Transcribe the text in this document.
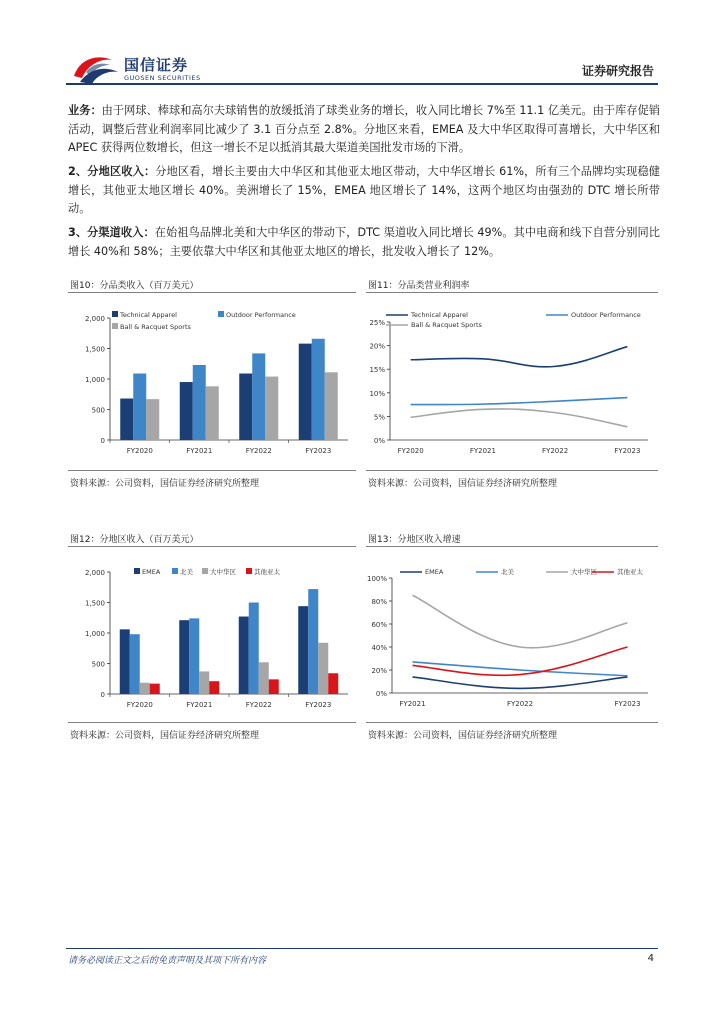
国信证券
GUOSEN SECURITIES	证券研究报告
业务：由于网球、棒球和高尔夫球销售的放缓抵消了球类业务的增长，收入同比增长 7%至 11.1 亿美元。由于库存促销活动，调整后营业利润率同比减少了 3.1 百分点至 2.8%。分地区来看，EMEA 及大中华区取得可喜增长，大中华区和 APEC 获得两位数增长，但这一增长不足以抵消其最大渠道美国批发市场的下滑。
2、分地区收入：分地区看，增长主要由大中华区和其他亚太地区带动，大中华区增长 61%，所有三个品牌均实现稳健增长，其他亚太地区增长 40%。美洲增长了 15%，EMEA 地区增长了 14%，这两个地区均由强劲的 DTC 增长所带动。
3、分渠道收入：在始祖鸟品牌北美和大中华区的带动下，DTC 渠道收入同比增长 49%。其中电商和线下自营分别同比增长 40%和 58%；主要依靠大中华区和其他亚太地区的增长，批发收入增长了 12%。
图10：分品类收入（百万美元）
0
500
1,000
1,500
2,000 Technical Apparel	Outdoor Performance
Ball & Racquet Sports
FY2020	FY2021	FY2022	FY2023
资料来源：公司资料，国信证券经济研究所整理
图11：分品类营业利润率
0%
5%
10%
15%
20%
25%
Technical Apparel	Outdoor Performance
Ball & Racquet Sports
FY2020	FY2021	FY2022	FY2023
资料来源：公司资料，国信证券经济研究所整理
图12：分地区收入（百万美元）
0
500
1,000
1,500
2,000	EMEA	北美	大中华区	其他亚太
FY2020	FY2021	FY2022	FY2023
资料来源：公司资料，国信证券经济研究所整理
图13：分地区收入增速
0%
20%
40%
60%
80%
100%
EMEA	北美	大中华区	其他亚太
FY2021	FY2022	FY2023
资料来源：公司资料，国信证券经济研究所整理
请务必阅读正文之后的免责声明及其项下所有内容	4
